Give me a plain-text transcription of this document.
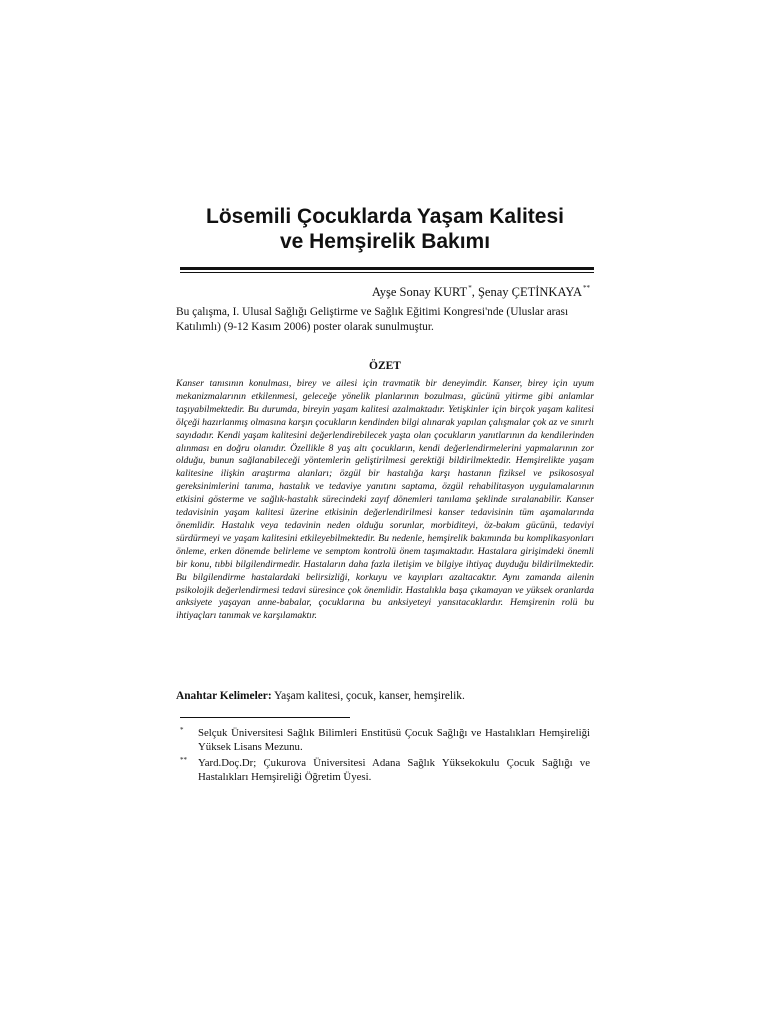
Lösemili Çocuklarda Yaşam Kalitesi
ve Hemşirelik Bakımı
Ayşe Sonay KURT*, Şenay ÇETİNKAYA**
Bu çalışma, I. Ulusal Sağlığı Geliştirme ve Sağlık Eğitimi Kongresi'nde (Uluslar arası Katılımlı) (9-12 Kasım 2006) poster olarak sunulmuştur.
ÖZET
Kanser tanısının konulması, birey ve ailesi için travmatik bir deneyimdir. Kanser, birey için uyum mekanizmalarının etkilenmesi, geleceğe yönelik planlarının bozulması, gücünü yitirme gibi anlamlar taşıyabilmektedir. Bu durumda, bireyin yaşam kalitesi azalmaktadır. Yetişkinler için birçok yaşam kalitesi ölçeği hazırlanmış olmasına karşın çocukların kendinden bilgi alınarak yapılan çalışmalar çok az ve sınırlı sayıdadır. Kendi yaşam kalitesini değerlendirebilecek yaşta olan çocukların yanıtlarının da kendilerinden alınması en doğru olanıdır. Özellikle 8 yaş altı çocukların, kendi değerlendirmelerini yapmalarının zor olduğu, bunun sağlanabileceği yöntemlerin geliştirilmesi gerektiği bildirilmektedir. Hemşirelikte yaşam kalitesine ilişkin araştırma alanları; özgül bir hastalığa karşı hastanın fiziksel ve psikososyal gereksinimlerini tanıma, hastalık ve tedaviye yanıtını saptama, özgül rehabilitasyon uygulamalarının etkisini gösterme ve sağlık-hastalık sürecindeki zayıf dönemleri tanılama şeklinde sıralanabilir. Kanser tedavisinin yaşam kalitesi üzerine etkisinin değerlendirilmesi kanser tedavisinin tüm aşamalarında önemlidir. Hastalık veya tedavinin neden olduğu sorunlar, morbiditeyi, öz-bakım gücünü, tedaviyi sürdürmeyi ve yaşam kalitesini etkileyebilmektedir. Bu nedenle, hemşirelik bakımında bu komplikasyonları önleme, erken dönemde belirleme ve semptom kontrolü önem taşımaktadır. Hastalara girişimdeki önemli bir konu, tıbbi bilgilendirmedir. Hastaların daha fazla iletişim ve bilgiye ihtiyaç duyduğu bildirilmektedir. Bu bilgilendirme hastalardaki belirsizliği, korkuyu ve kayıpları azaltacaktır. Aynı zamanda ailenin psikolojik değerlendirmesi tedavi süresince çok önemlidir. Hastalıkla başa çıkamayan ve yüksek oranlarda anksiyete yaşayan anne-babalar, çocuklarına bu anksiyeteyi yansıtacaklardır. Hemşirenin rolü bu ihtiyaçları tanımak ve karşılamaktır.
Anahtar Kelimeler: Yaşam kalitesi, çocuk, kanser, hemşirelik.
*	Selçuk Üniversitesi Sağlık Bilimleri Enstitüsü Çocuk Sağlığı ve Hastalıkları Hemşireliği Yüksek Lisans Mezunu.
**	Yard.Doç.Dr; Çukurova Üniversitesi Adana Sağlık Yüksekokulu Çocuk Sağlığı ve Hastalıkları Hemşireliği Öğretim Üyesi.
